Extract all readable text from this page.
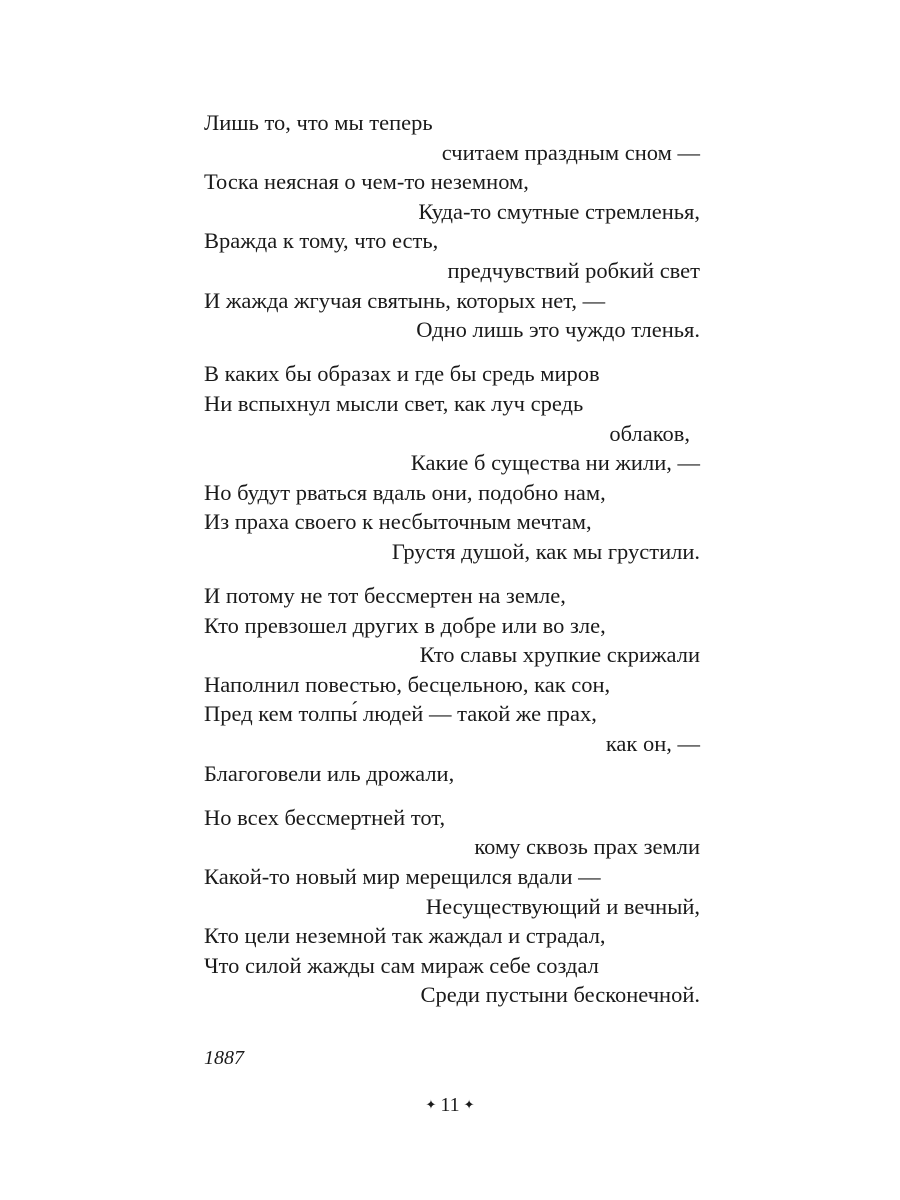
Лишь то, что мы теперь
считаем праздным сном —
Тоска неясная о чем-то неземном,
Куда-то смутные стремленья,
Вражда к тому, что есть,
предчувствий робкий свет
И жажда жгучая святынь, которых нет, —
Одно лишь это чуждо тленья.
В каких бы образах и где бы средь миров
Ни вспыхнул мысли свет, как луч средь
облаков,
Какие б существа ни жили, —
Но будут рваться вдаль они, подобно нам,
Из праха своего к несбыточным мечтам,
Грустя душой, как мы грустили.
И потому не тот бессмертен на земле,
Кто превзошел других в добре или во зле,
Кто славы хрупкие скрижали
Наполнил повестью, бесцельною, как сон,
Пред кем толпы́ людей — такой же прах,
как он, —
Благоговели иль дрожали,
Но всех бессмертней тот,
кому сквозь прах земли
Какой-то новый мир мерещился вдали —
Несуществующий и вечный,
Кто цели неземной так жаждал и страдал,
Что силой жажды сам мираж себе создал
Среди пустыни бесконечной.
1887
✦ 11 ✦
